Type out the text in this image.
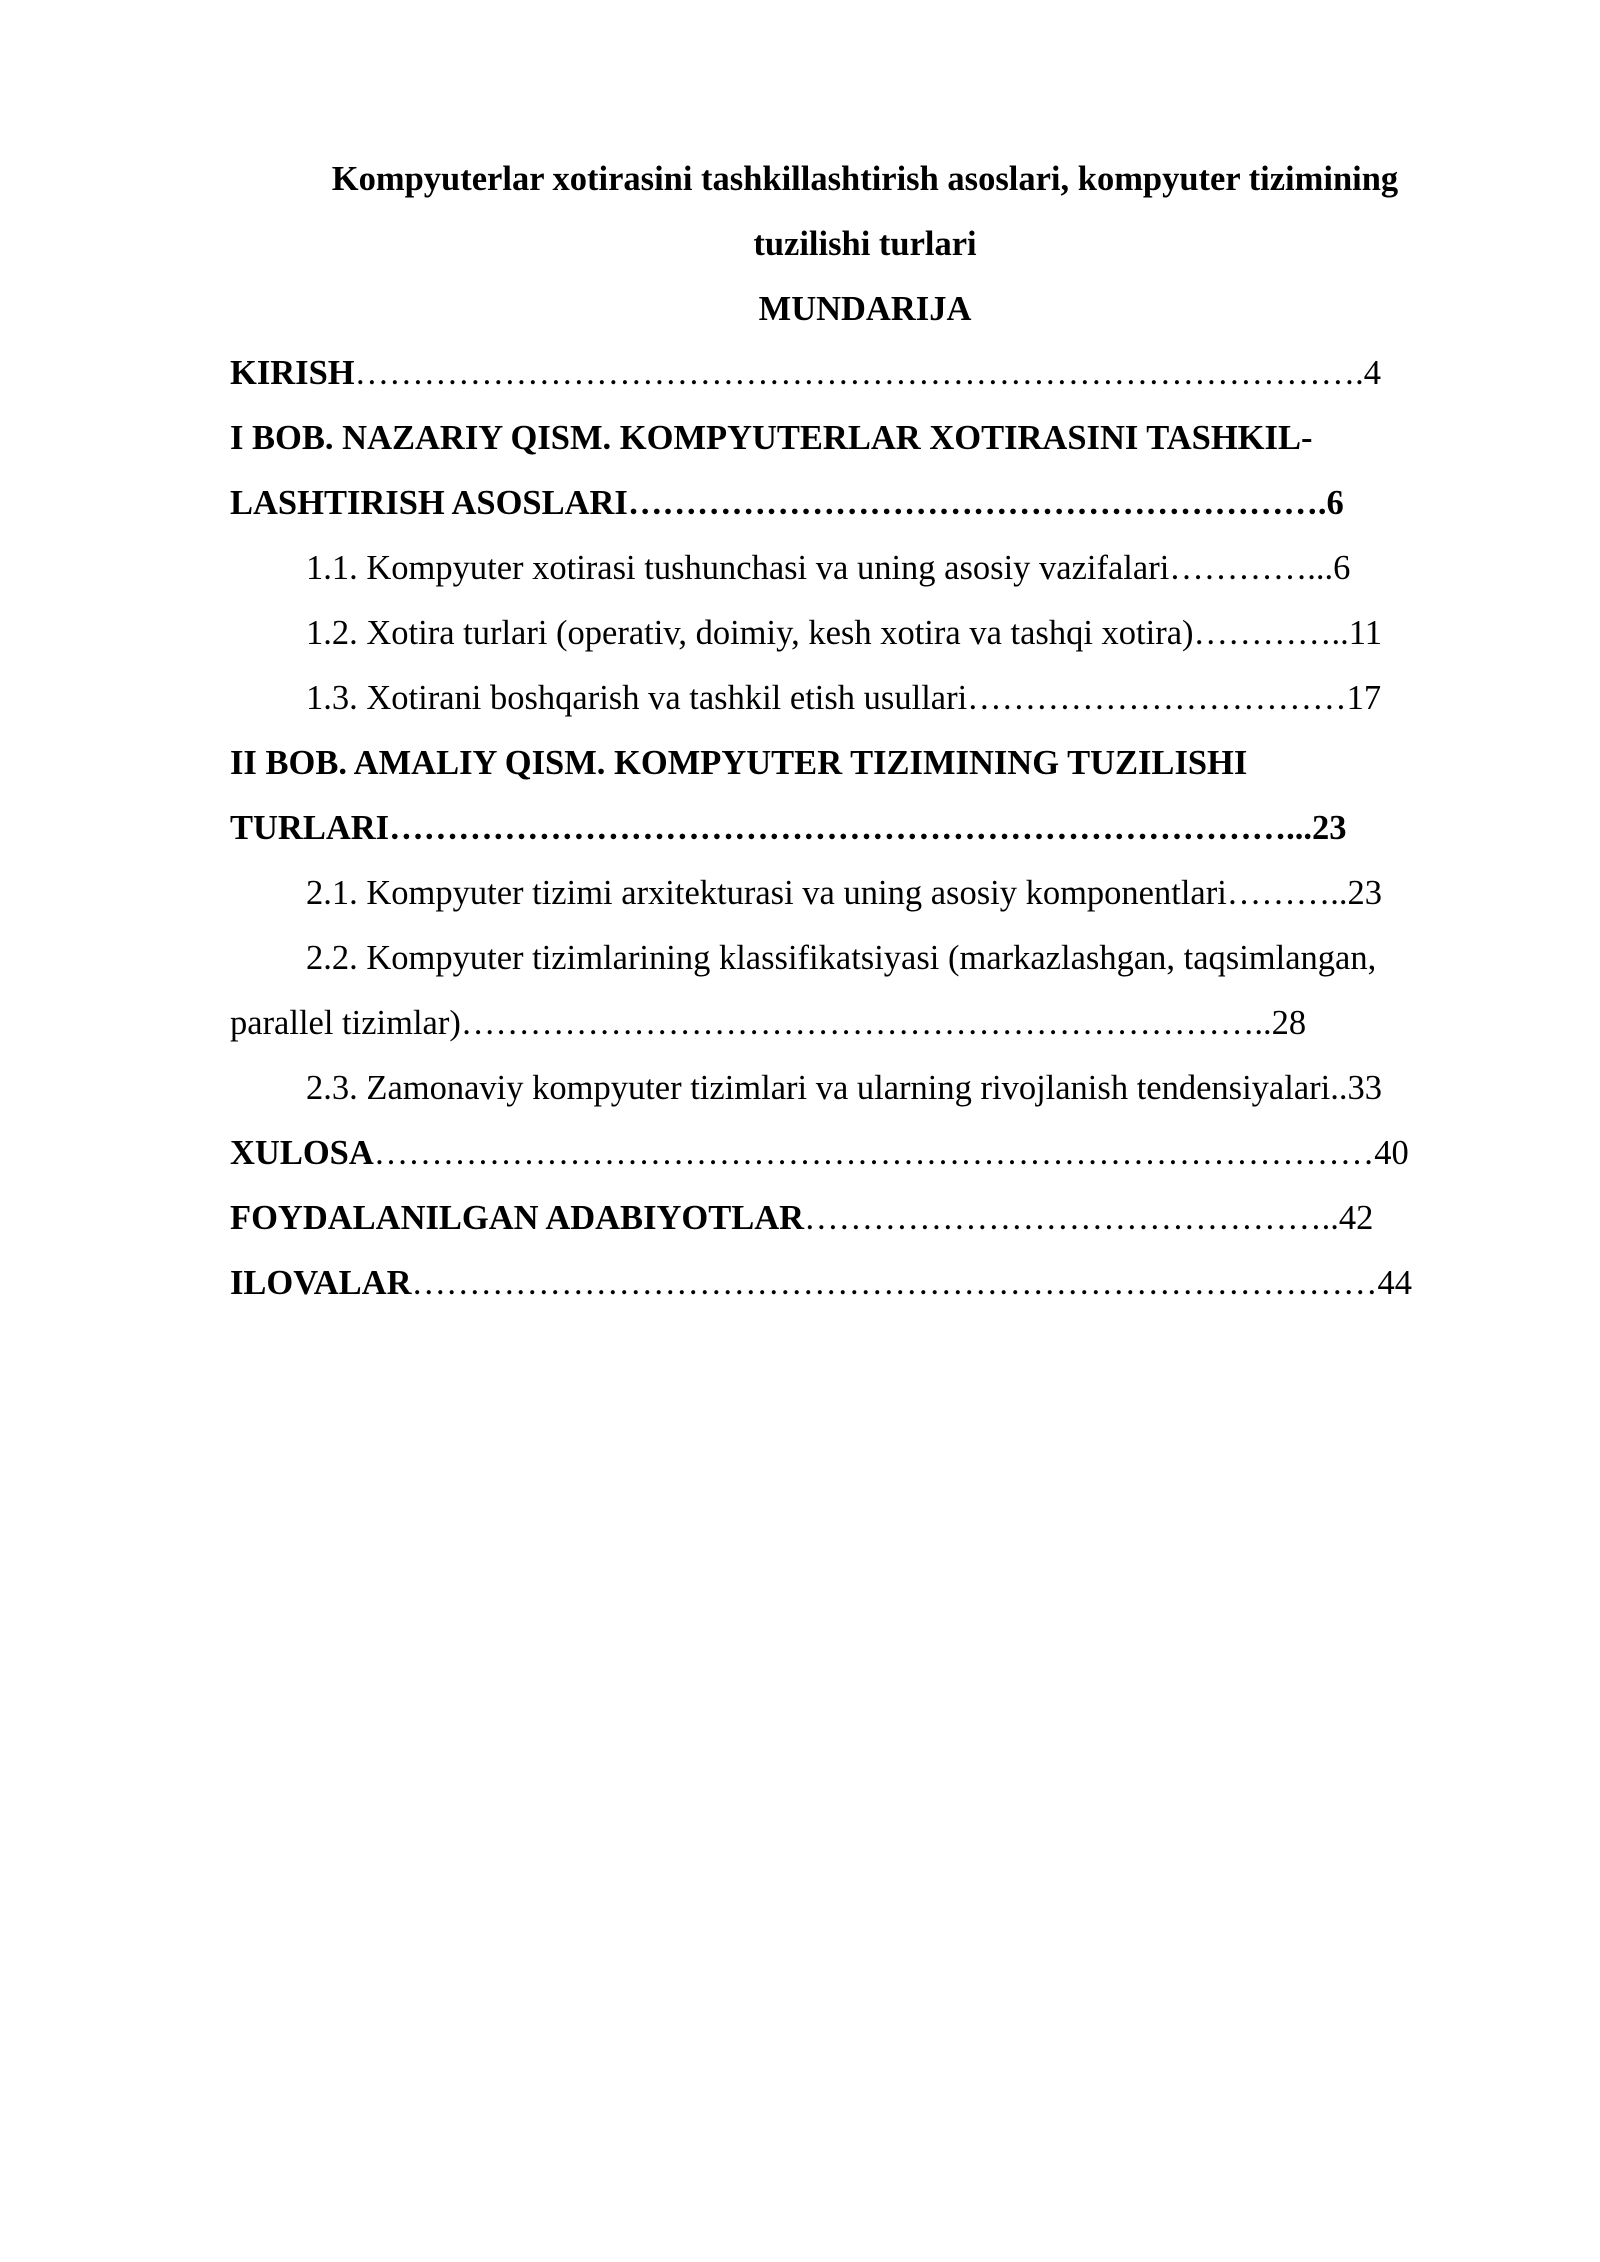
Kompyuterlar xotirasini tashkillashtirish asoslari, kompyuter tizimining
tuzilishi turlari
MUNDARIJA
KIRISH…………………………………………………………………………….4
I BOB. NAZARIY QISM. KOMPYUTERLAR XOTIRASINI TASHKIL-
LASHTIRISH ASOSLARI…………………………………………………….6
1.1. Kompyuter xotirasi tushunchasi va uning asosiy vazifalari…………...6
1.2. Xotira turlari (operativ, doimiy, kesh xotira va tashqi xotira)…………..11
1.3. Xotirani boshqarish va tashkil etish usullari……………………………17
II BOB. AMALIY QISM. KOMPYUTER TIZIMINING TUZILISHI
TURLARI……………………………………………………………………...23
2.1. Kompyuter tizimi arxitekturasi va uning asosiy komponentlari………..23
2.2. Kompyuter tizimlarining klassifikatsiyasi (markazlashgan, taqsimlangan,
parallel tizimlar)……………………………………………………………..28
2.3. Zamonaviy kompyuter tizimlari va ularning rivojlanish tendensiyalari..33
XULOSA……………………………………………………………………………40
FOYDALANILGAN ADABIYOTLAR………………………………………..42
ILOVALAR…………………………………………………………………………44
